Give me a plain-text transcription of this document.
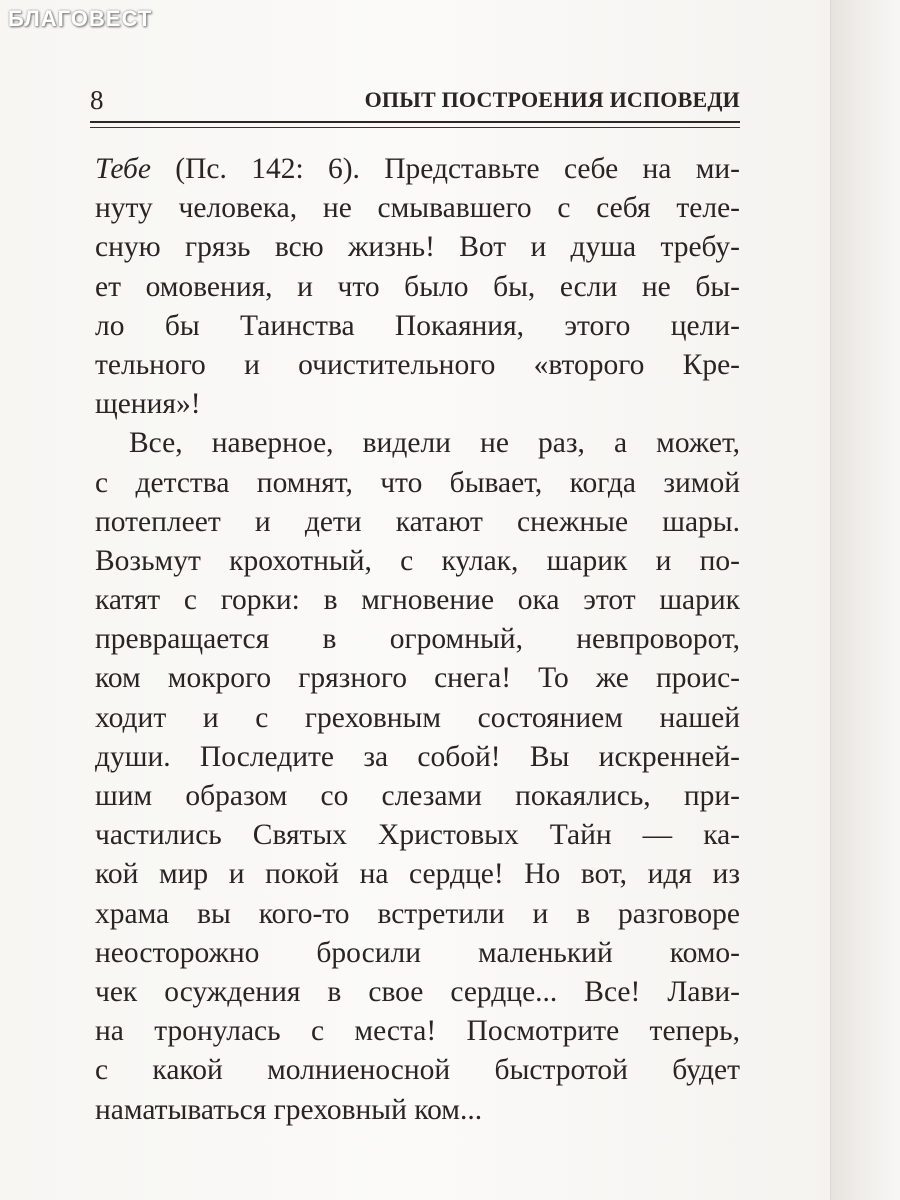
БЛАГОВЕСТ
8	ОПЫТ ПОСТРОЕНИЯ ИСПОВЕДИ
Тебе (Пс. 142: 6). Представьте себе на ми-
нуту человека, не смывавшего с себя теле-
сную грязь всю жизнь! Вот и душа требу-
ет омовения, и что было бы, если не бы-
ло бы Таинства Покаяния, этого цели-
тельного и очистительного «второго Кре-
щения»!
Все, наверное, видели не раз, а может,
с детства помнят, что бывает, когда зимой
потеплеет и дети катают снежные шары.
Возьмут крохотный, с кулак, шарик и по-
катят с горки: в мгновение ока этот шарик
превращается в огромный, невпроворот,
ком мокрого грязного снега! То же проис-
ходит и с греховным состоянием нашей
души. Последите за собой! Вы искренней-
шим образом со слезами покаялись, при-
частились Святых Христовых Тайн — ка-
кой мир и покой на сердце! Но вот, идя из
храма вы кого-то встретили и в разговоре
неосторожно бросили маленький комо-
чек осуждения в свое сердце... Все! Лави-
на тронулась с места! Посмотрите теперь,
с какой молниеносной быстротой будет
наматываться греховный ком...
